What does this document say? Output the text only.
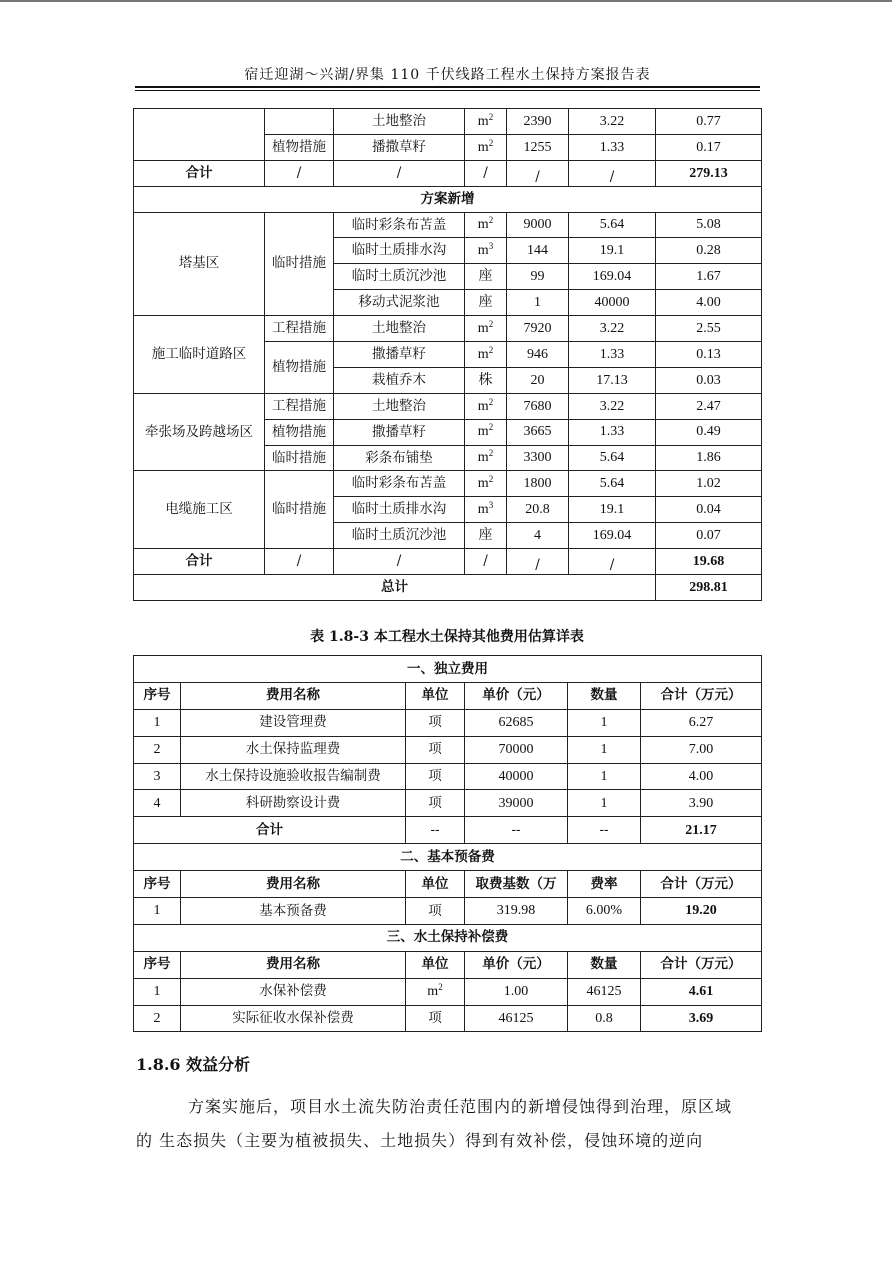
宿迁迎湖～兴湖/界集 110 千伏线路工程水土保持方案报告表
		土地整治	$m^2$	2390	3.22	0.77
	植物措施	播撒草籽	$m^2$	1255	1.33	0.17
合计	/	/	/	/	/	279.13
方案新增						
塔基区	临时措施	临时彩条布苫盖	$m^2$	9000	5.64	5.08
		临时土质排水沟	$m^3$	144	19.1	0.28
		临时土质沉沙池	座	99	169.04	1.67
		移动式泥浆池	座	1	40000	4.00
施工临时道路区	工程措施	土地整治	$m^2$	7920	3.22	2.55
	植物措施	撒播草籽	$m^2$	946	1.33	0.13
		栽植乔木	株	20	17.13	0.03
牵张场及跨越场区	工程措施	土地整治	$m^2$	7680	3.22	2.47
	植物措施	撒播草籽	$m^2$	3665	1.33	0.49
	临时措施	彩条布铺垫	$m^2$	3300	5.64	1.86
电缆施工区	临时措施	临时彩条布苫盖	$m^2$	1800	5.64	1.02
		临时土质排水沟	$m^3$	20.8	19.1	0.04
		临时土质沉沙池	座	4	169.04	0.07
合计	/	/	/	/	/	19.68
总计						298.81
表 1.8-3 本工程水土保持其他费用估算详表
一、独立费用					
序号	费用名称	单位	单价（元）	数量	合计（万元）
1	建设管理费	项	62685	1	6.27
2	水土保持监理费	项	70000	1	7.00
3	水土保持设施验收报告编制费	项	40000	1	4.00
4	科研勘察设计费	项	39000	1	3.90
合计		--	--	--	21.17
二、基本预备费					
序号	费用名称	单位	取费基数（万	费率	合计（万元）
1	基本预备费	项	319.98	6.00%	19.20
三、水土保持补偿费					
序号	费用名称	单位	单价（元）	数量	合计（万元）
1	水保补偿费	$m^2$	1.00	46125	4.61
2	实际征收水保补偿费	项	46125	0.8	3.69
1.8.6 效益分析
方案实施后，项目水土流失防治责任范围内的新增侵蚀得到治理，原区域
的 生态损失（主要为植被损失、土地损失）得到有效补偿，侵蚀环境的逆向
